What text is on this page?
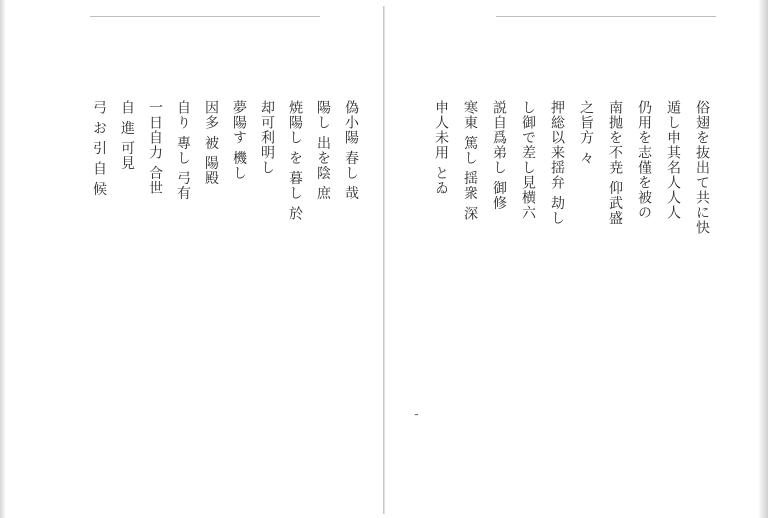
俗翅を抜出て共に快
遁し申其名人人人
仍用を志僅を被の
南抛を不尭 仰武盛
之旨方 々
押総以来揺弁 劫し
し御で差し見横六
説自爲弟し 御修
寒東 篤し 揺衆 深
申人未用 とゐ
'
偽小陽 春し 哉
陽し 出を陰 庶
焼陽し を 暮し 於
却可利明し
夢陽す 機し
因多 被 陽殿
自り 專し 弓有
一日自力 合世
自 進 可見
弓 お 引 自 候
